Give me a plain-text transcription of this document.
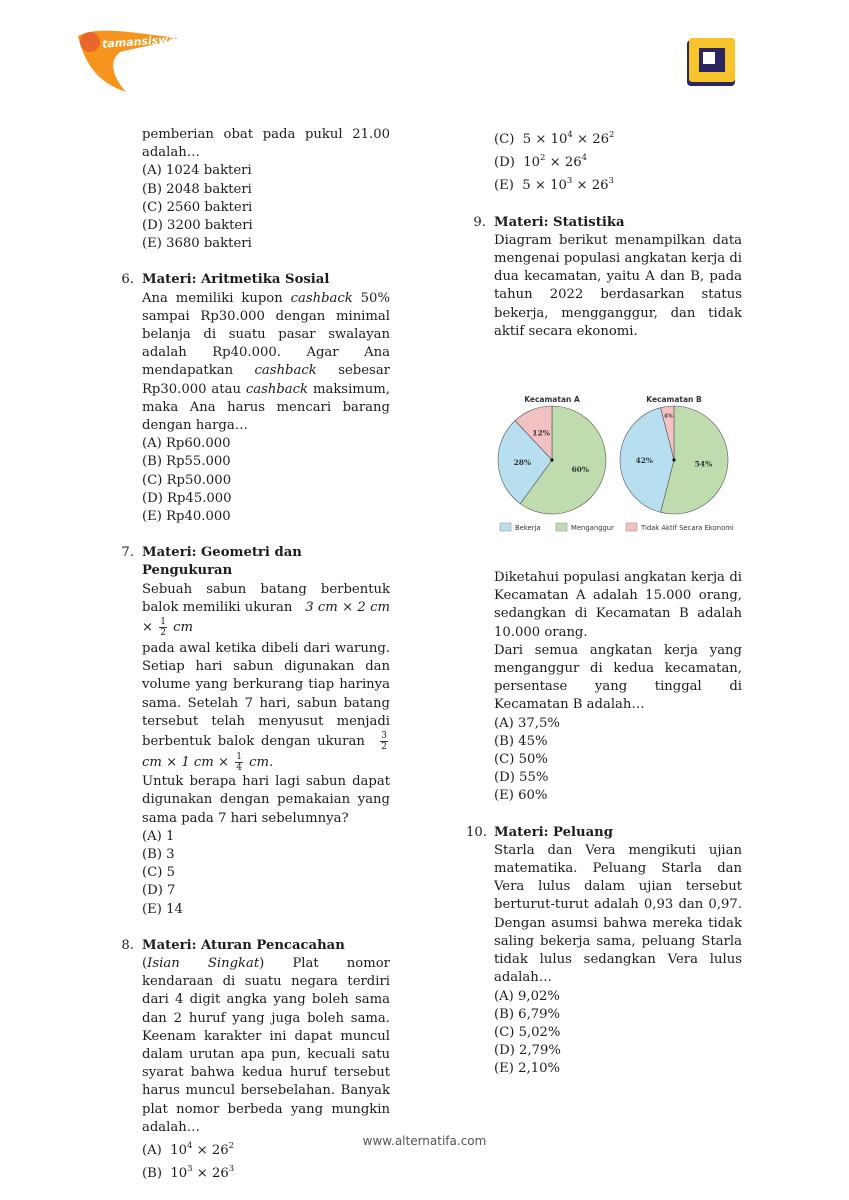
tamansiswa

pemberian obat pada pukul 21.00 adalah…

(A) 1024 bakteri
(B) 2048 bakteri
(C) 2560 bakteri
(D) 3200 bakteri
(E) 3680 bakteri
6. Materi: Aritmetika Sosial

Ana memiliki kupon cashback 50% sampai Rp30.000 dengan minimal belanja di suatu pasar swalayan adalah Rp40.000. Agar Ana mendapatkan cashback sebesar Rp30.000 atau cashback maksimum, maka Ana harus mencari barang dengan harga…

(A) Rp60.000
(B) Rp55.000
(C) Rp50.000
(D) Rp45.000
(E) Rp40.000
7. Materi: Geometri dan Pengukuran

Sebuah sabun batang berbentuk balok memiliki ukuran   3 cm × 2 cm × $\frac{1}{2}$ cm

pada awal ketika dibeli dari warung. Setiap hari sabun digunakan dan volume yang berkurang tiap harinya sama. Setelah 7 hari, sabun batang tersebut telah menyusut menjadi berbentuk balok dengan ukuran $\frac{3}{2}$
cm × 1 cm × $\frac{1}{4}$ cm.

Untuk berapa hari lagi sabun dapat digunakan dengan pemakaian yang sama pada 7 hari sebelumnya?

(A) 1
(B) 3
(C) 5
(D) 7
(E) 14
8. Materi: Aturan Pencacahan

(Isian Singkat) Plat nomor kendaraan di suatu negara terdiri dari 4 digit angka yang boleh sama dan 2 huruf yang juga boleh sama. Keenam karakter ini dapat muncul dalam urutan apa pun, kecuali satu syarat bahwa kedua huruf tersebut harus muncul bersebelahan. Banyak plat nomor berbeda yang mungkin adalah…

(A)  $10^4 \times 26^2$
(B)  $10^3 \times 26^3$
(C)  $5 \times 10^4 \times 26^2$
(D)  $10^2 \times 26^4$
(E)  $5 \times 10^3 \times 26^3$
9. Materi: Statistika

Diagram berikut menampilkan data mengenai populasi angkatan kerja di dua kecamatan, yaitu A dan B, pada tahun 2022 berdasarkan status bekerja, mengganggur, dan tidak aktif secara ekonomi.

Diketahui populasi angkatan kerja di Kecamatan A adalah 15.000 orang, sedangkan di Kecamatan B adalah 10.000 orang.

Dari semua angkatan kerja yang menganggur di kedua kecamatan, persentase yang tinggal di Kecamatan B adalah…

(A) 37,5%
(B) 45%
(C) 50%
(D) 55%
(E) 60%
10. Materi: Peluang

Starla dan Vera mengikuti ujian matematika. Peluang Starla dan Vera lulus dalam ujian tersebut berturut-turut adalah 0,93 dan 0,97. Dengan asumsi bahwa mereka tidak saling bekerja sama, peluang Starla tidak lulus sedangkan Vera lulus adalah…

(A) 9,02%
(B) 6,79%
(C) 5,02%
(D) 2,79%
(E) 2,10%
Kecamatan A
60%
28%
12%
Kecamatan B
54%
42%
4%
Bekerja	Menganggur	Tidak Aktif Secara Ekonomi
www.alternatifa.com
